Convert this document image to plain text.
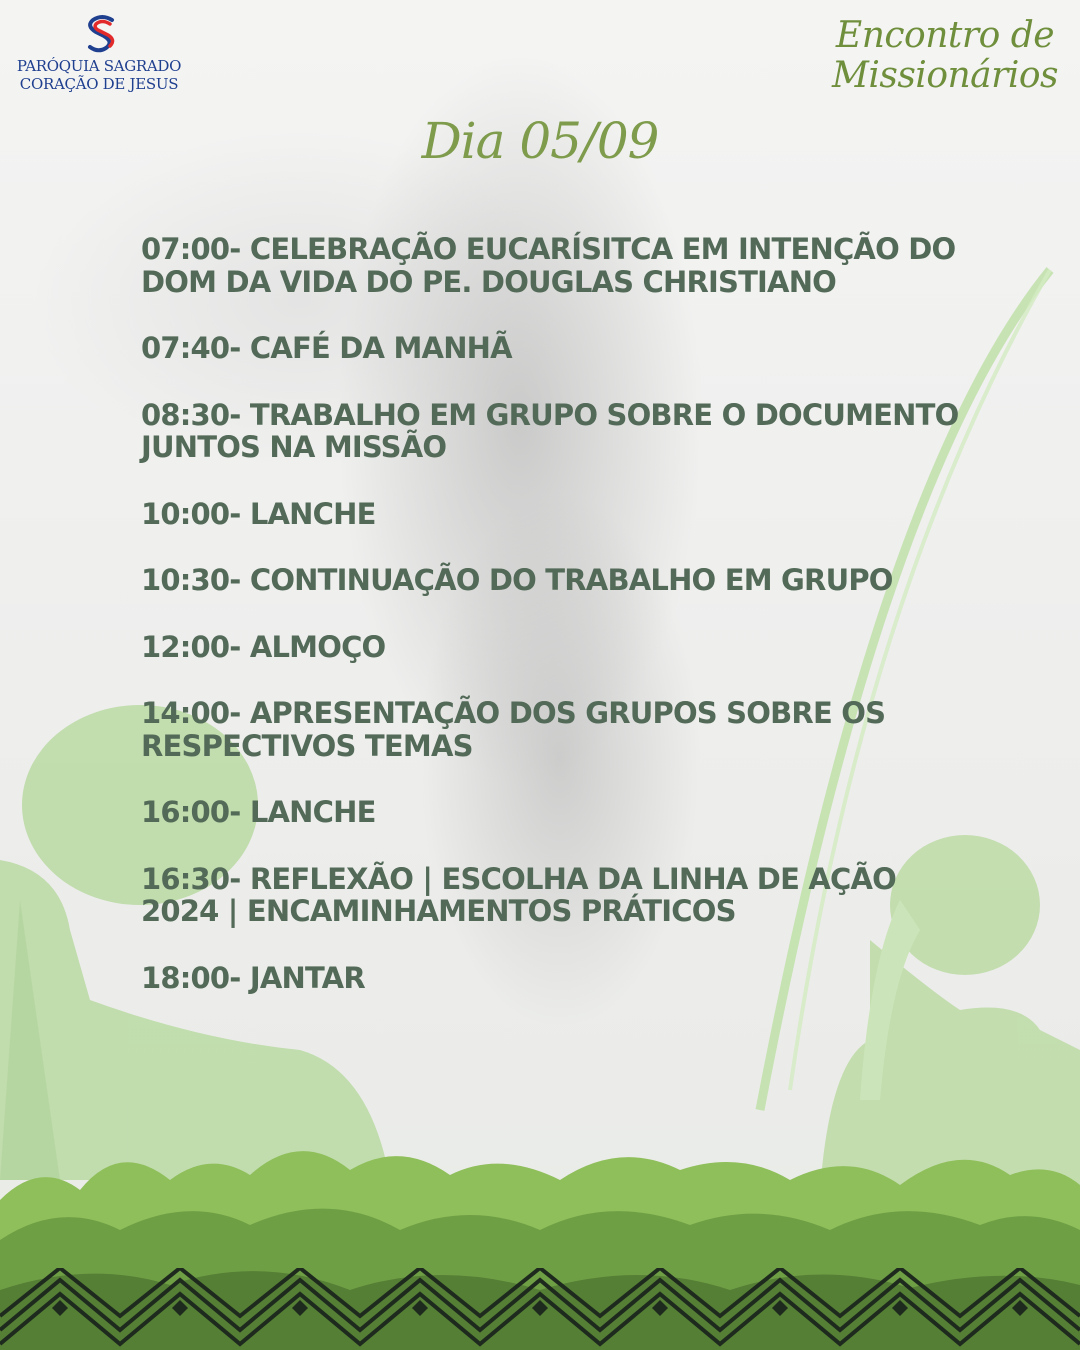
PARÓQUIA SAGRADO
CORAÇÃO DE JESUS
Encontro de
Missionários
Dia 05/09
07:00- CELEBRAÇÃO EUCARÍSITCA EM INTENÇÃO DO DOM DA VIDA DO PE. DOUGLAS CHRISTIANO
07:40- CAFÉ DA MANHÃ
08:30- TRABALHO EM GRUPO SOBRE O DOCUMENTO JUNTOS NA MISSÃO
10:00- LANCHE
10:30- CONTINUAÇÃO DO TRABALHO EM GRUPO
12:00- ALMOÇO
14:00- APRESENTAÇÃO DOS GRUPOS SOBRE OS RESPECTIVOS TEMAS
16:00- LANCHE
16:30- REFLEXÃO | ESCOLHA DA LINHA DE AÇÃO 2024 | ENCAMINHAMENTOS PRÁTICOS
18:00- JANTAR
